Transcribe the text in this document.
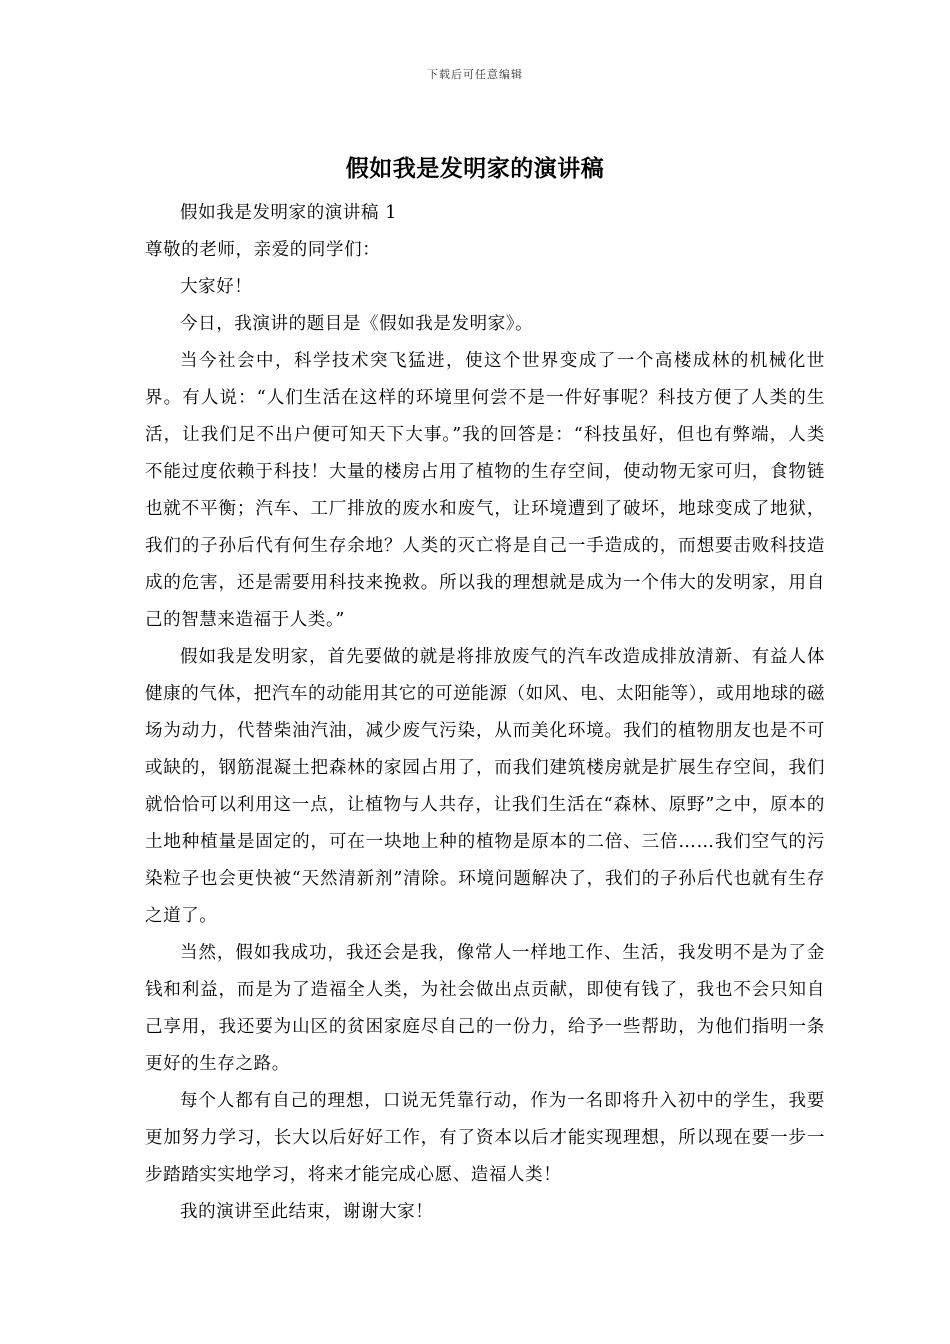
下载后可任意编辑
假如我是发明家的演讲稿

假如我是发明家的演讲稿 1

尊敬的老师，亲爱的同学们：

大家好！

今日，我演讲的题目是《假如我是发明家》。

当今社会中，科学技术突飞猛进，使这个世界变成了一个高楼成林的机械化世界。有人说：“人们生活在这样的环境里何尝不是一件好事呢？科技方便了人类的生活，让我们足不出户便可知天下大事。”我的回答是：“科技虽好，但也有弊端，人类不能过度依赖于科技！大量的楼房占用了植物的生存空间，使动物无家可归，食物链也就不平衡；汽车、工厂排放的废水和废气，让环境遭到了破坏，地球变成了地狱，我们的子孙后代有何生存余地？人类的灭亡将是自己一手造成的，而想要击败科技造成的危害，还是需要用科技来挽救。所以我的理想就是成为一个伟大的发明家，用自己的智慧来造福于人类。”

假如我是发明家，首先要做的就是将排放废气的汽车改造成排放清新、有益人体健康的气体，把汽车的动能用其它的可逆能源（如风、电、太阳能等），或用地球的磁场为动力，代替柴油汽油，减少废气污染，从而美化环境。我们的植物朋友也是不可或缺的，钢筋混凝土把森林的家园占用了，而我们建筑楼房就是扩展生存空间，我们就恰恰可以利用这一点，让植物与人共存，让我们生活在“森林、原野”之中，原本的土地种植量是固定的，可在一块地上种的植物是原本的二倍、三倍……我们空气的污染粒子也会更快被“天然清新剂”清除。环境问题解决了，我们的子孙后代也就有生存之道了。

当然，假如我成功，我还会是我，像常人一样地工作、生活，我发明不是为了金钱和利益，而是为了造福全人类，为社会做出点贡献，即使有钱了，我也不会只知自己享用，我还要为山区的贫困家庭尽自己的一份力，给予一些帮助，为他们指明一条更好的生存之路。

每个人都有自己的理想，口说无凭靠行动，作为一名即将升入初中的学生，我要更加努力学习，长大以后好好工作，有了资本以后才能实现理想，所以现在要一步一步踏踏实实地学习，将来才能完成心愿、造福人类！

我的演讲至此结束，谢谢大家！
